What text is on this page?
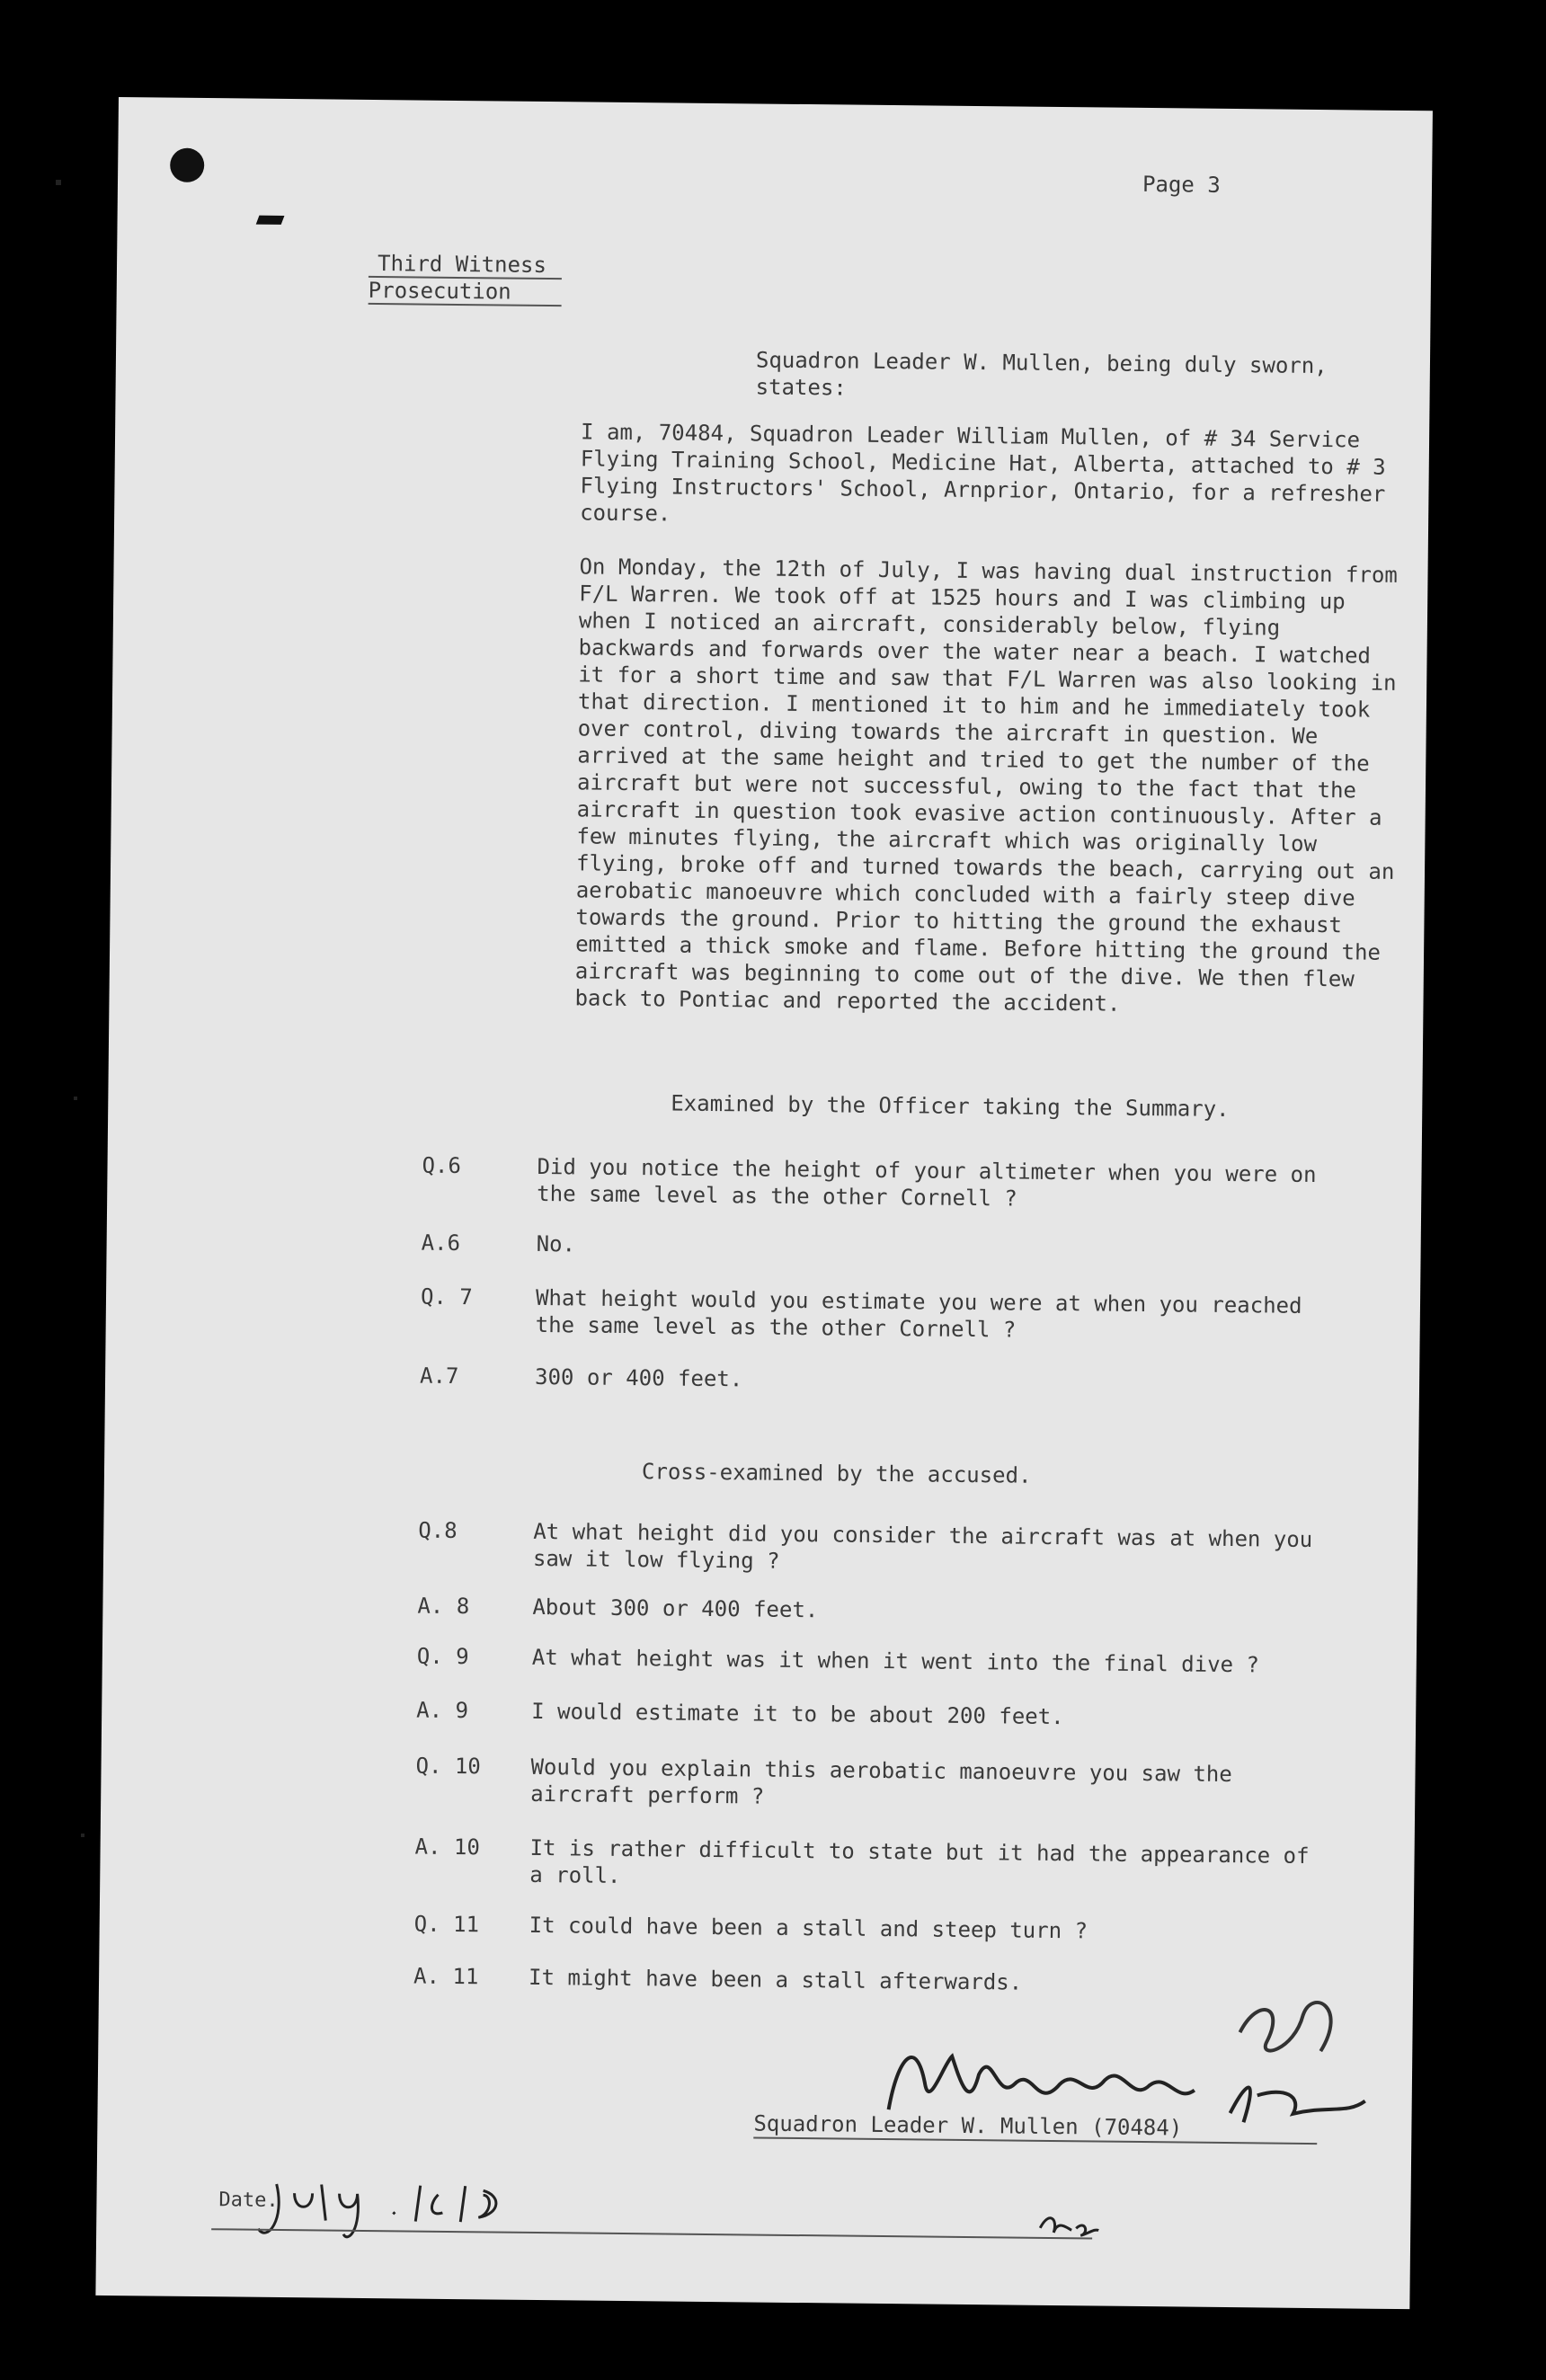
Page 3
Third Witness
Prosecution
Squadron Leader W. Mullen, being duly sworn, states:
I am, 70484, Squadron Leader William Mullen, of # 34 Service Flying Training School, Medicine Hat, Alberta, attached to # 3 Flying Instructors' School, Arnprior, Ontario, for a refresher course.
On Monday, the 12th of July, I was having dual instruction from F/L Warren. We took off at 1525 hours and I was climbing up when I noticed an aircraft, considerably below, flying backwards and forwards over the water near a beach. I watched it for a short time and saw that F/L Warren was also looking in that direction. I mentioned it to him and he immediately took over control, diving towards the aircraft in question. We arrived at the same height and tried to get the number of the aircraft but were not successful, owing to the fact that the aircraft in question took evasive action continuously. After a few minutes flying, the aircraft which was originally low flying, broke off and turned towards the beach, carrying out an aerobatic manoeuvre which concluded with a fairly steep dive towards the ground. Prior to hitting the ground the exhaust emitted a thick smoke and flame. Before hitting the ground the aircraft was beginning to come out of the dive. We then flew back to Pontiac and reported the accident.
Examined by the Officer taking the Summary.
Q.6	Did you notice the height of your altimeter when you were on the same level as the other Cornell ?
A.6	No.
Q. 7	What height would you estimate you were at when you reached the same level as the other Cornell ?
A.7	300 or 400 feet.
Cross-examined by the accused.
Q.8	At what height did you consider the aircraft was at when you saw it low flying ?
A. 8	About 300 or 400 feet.
Q. 9	At what height was it when it went into the final dive ?
A. 9	I would estimate it to be about 200 feet.
Q. 10 Would you explain this aerobatic manoeuvre you saw the aircraft perform ?
A. 10 It is rather difficult to state but it had the appearance of a roll.
Q. 11 It could have been a stall and steep turn ?
A. 11 It might have been a stall afterwards.
Squadron Leader W. Mullen (70484)
Date.
